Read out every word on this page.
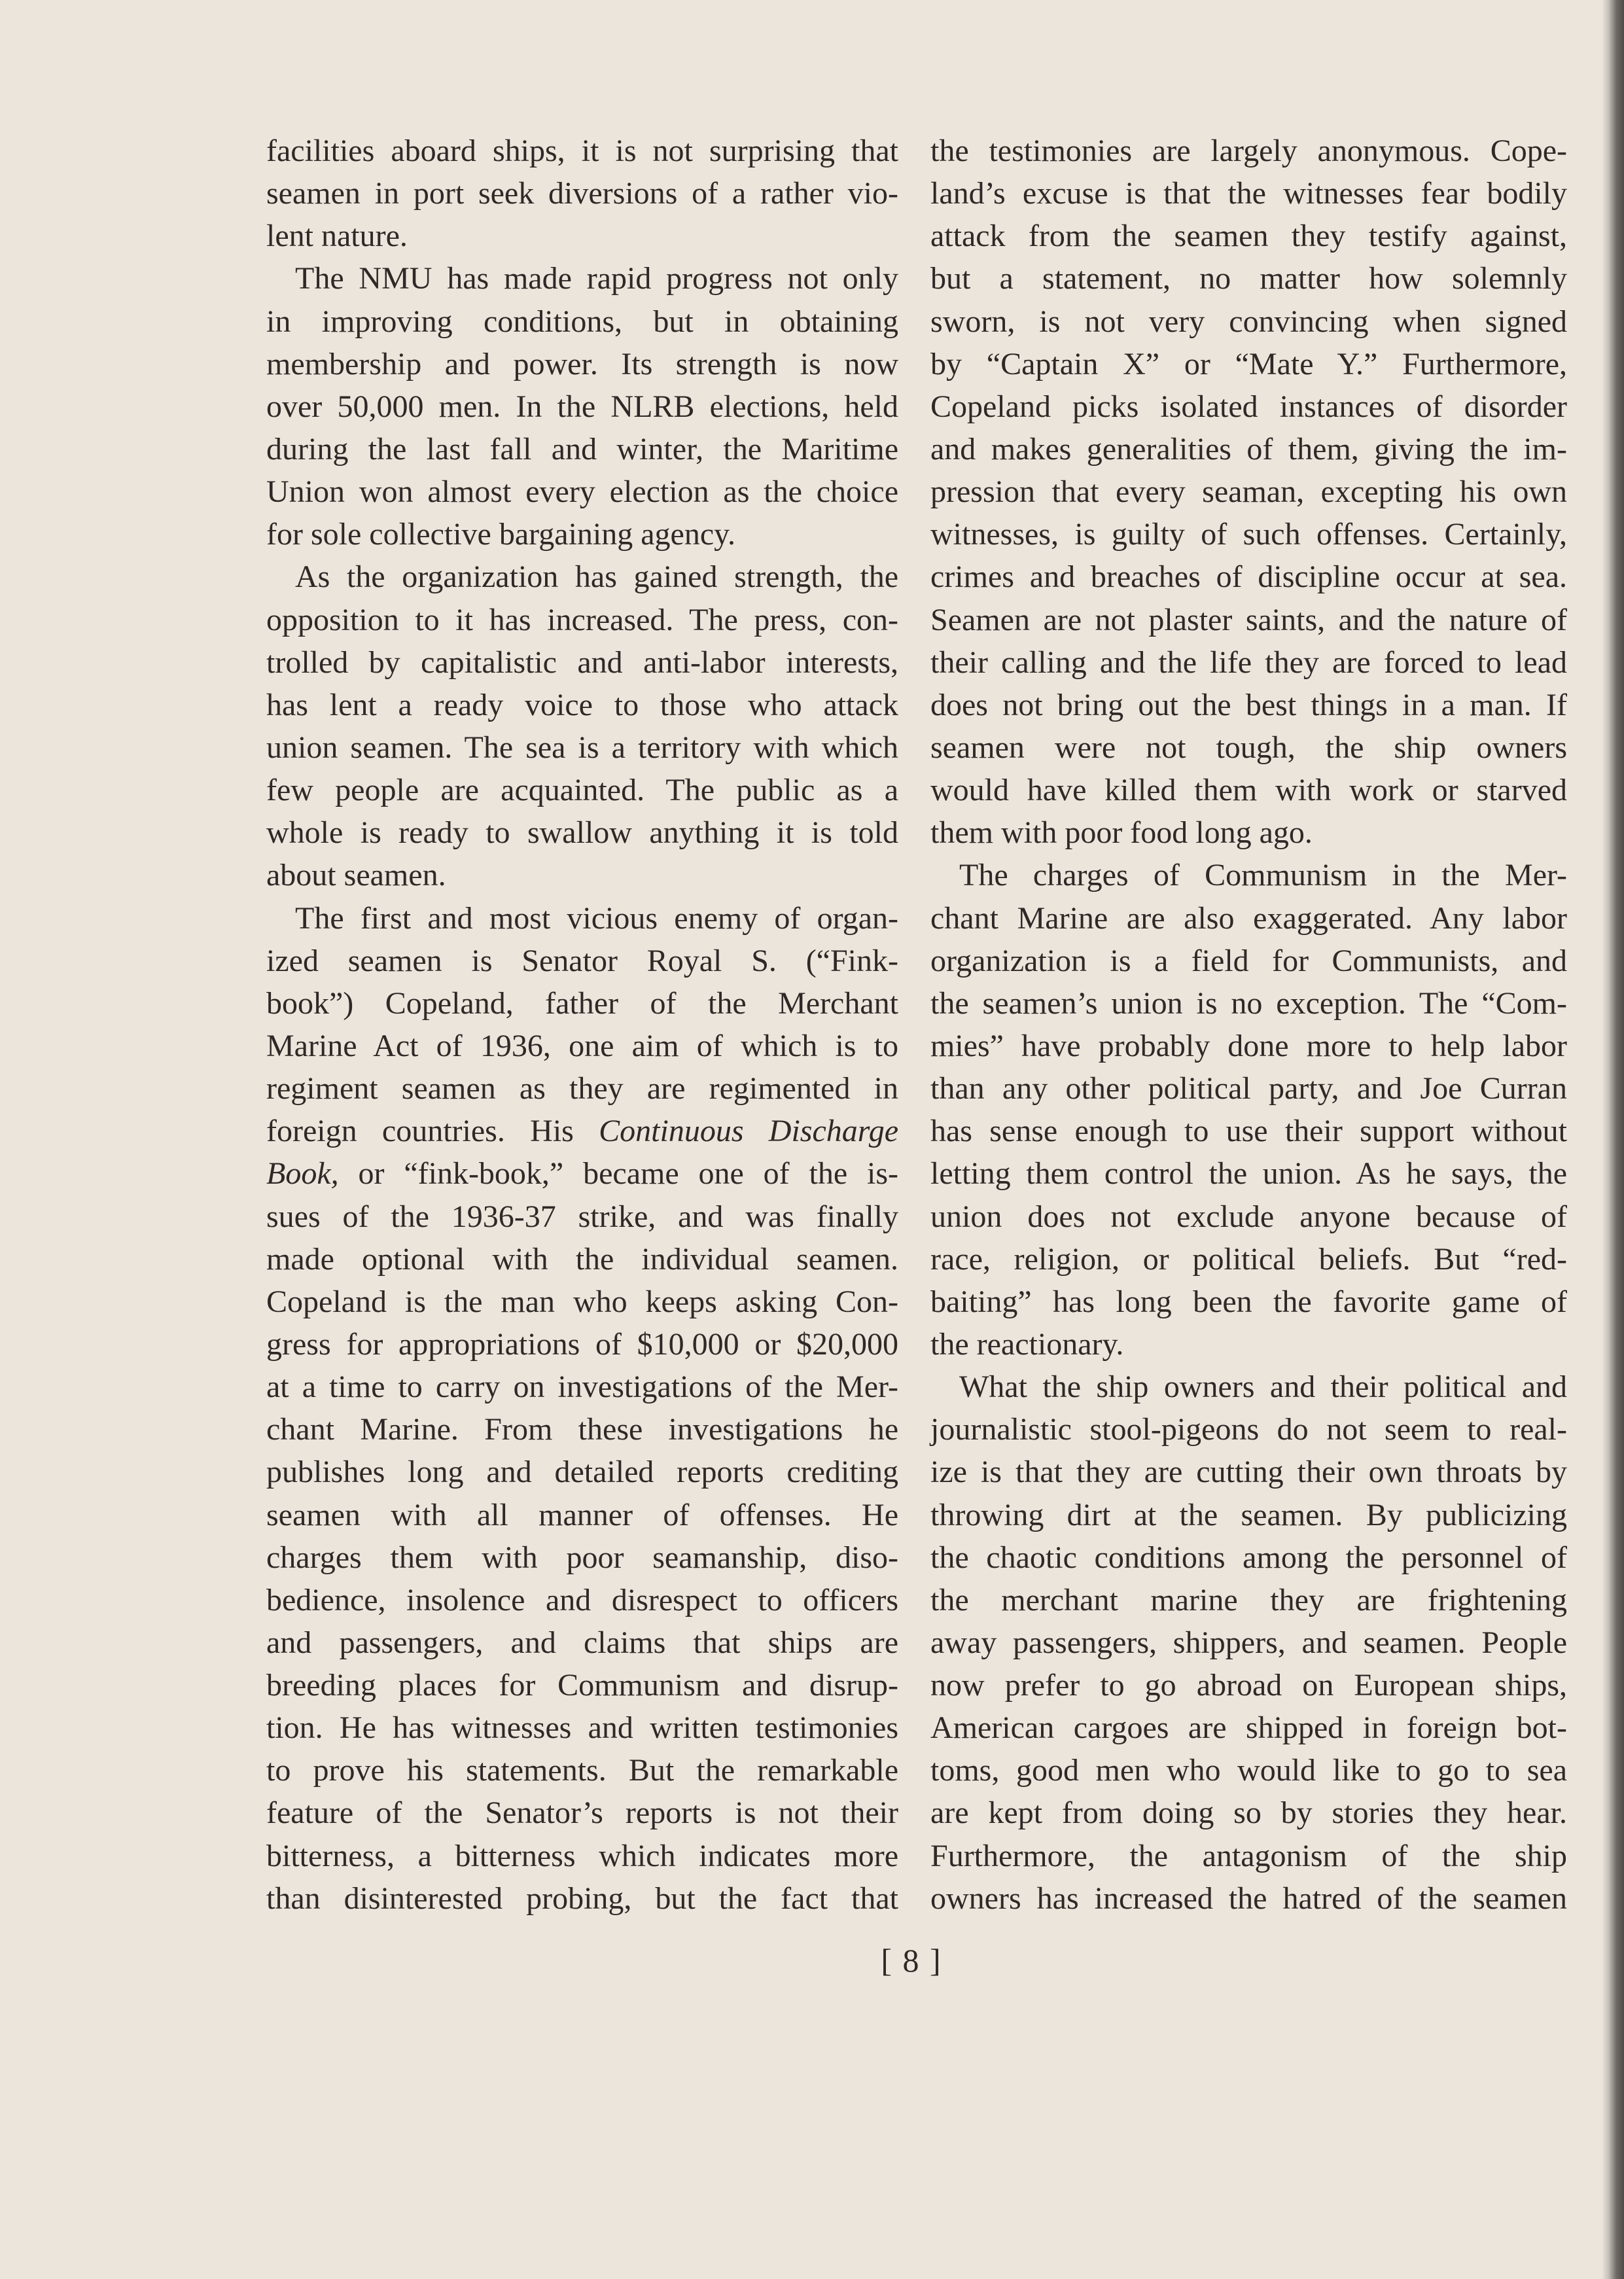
facilities aboard ships, it is not surprising that
seamen in port seek diversions of a rather vio-
lent nature.
The NMU has made rapid progress not only
in improving conditions, but in obtaining
membership and power. Its strength is now
over 50,000 men. In the NLRB elections, held
during the last fall and winter, the Maritime
Union won almost every election as the choice
for sole collective bargaining agency.
As the organization has gained strength, the
opposition to it has increased. The press, con-
trolled by capitalistic and anti-labor interests,
has lent a ready voice to those who attack
union seamen. The sea is a territory with which
few people are acquainted. The public as a
whole is ready to swallow anything it is told
about seamen.
The first and most vicious enemy of organ-
ized seamen is Senator Royal S. (“Fink-
book”) Copeland, father of the Merchant
Marine Act of 1936, one aim of which is to
regiment seamen as they are regimented in
foreign countries. His Continuous Discharge
Book, or “fink-book,” became one of the is-
sues of the 1936-37 strike, and was finally
made optional with the individual seamen.
Copeland is the man who keeps asking Con-
gress for appropriations of $10,000 or $20,000
at a time to carry on investigations of the Mer-
chant Marine. From these investigations he
publishes long and detailed reports crediting
seamen with all manner of offenses. He
charges them with poor seamanship, diso-
bedience, insolence and disrespect to officers
and passengers, and claims that ships are
breeding places for Communism and disrup-
tion. He has witnesses and written testimonies
to prove his statements. But the remarkable
feature of the Senator’s reports is not their
bitterness, a bitterness which indicates more
than disinterested probing, but the fact that
the testimonies are largely anonymous. Cope-
land’s excuse is that the witnesses fear bodily
attack from the seamen they testify against,
but a statement, no matter how solemnly
sworn, is not very convincing when signed
by “Captain X” or “Mate Y.” Furthermore,
Copeland picks isolated instances of disorder
and makes generalities of them, giving the im-
pression that every seaman, excepting his own
witnesses, is guilty of such offenses. Certainly,
crimes and breaches of discipline occur at sea.
Seamen are not plaster saints, and the nature of
their calling and the life they are forced to lead
does not bring out the best things in a man. If
seamen were not tough, the ship owners
would have killed them with work or starved
them with poor food long ago.
The charges of Communism in the Mer-
chant Marine are also exaggerated. Any labor
organization is a field for Communists, and
the seamen’s union is no exception. The “Com-
mies” have probably done more to help labor
than any other political party, and Joe Curran
has sense enough to use their support without
letting them control the union. As he says, the
union does not exclude anyone because of
race, religion, or political beliefs. But “red-
baiting” has long been the favorite game of
the reactionary.
What the ship owners and their political and
journalistic stool-pigeons do not seem to real-
ize is that they are cutting their own throats by
throwing dirt at the seamen. By publicizing
the chaotic conditions among the personnel of
the merchant marine they are frightening
away passengers, shippers, and seamen. People
now prefer to go abroad on European ships,
American cargoes are shipped in foreign bot-
toms, good men who would like to go to sea
are kept from doing so by stories they hear.
Furthermore, the antagonism of the ship
owners has increased the hatred of the seamen
[ 8 ]
